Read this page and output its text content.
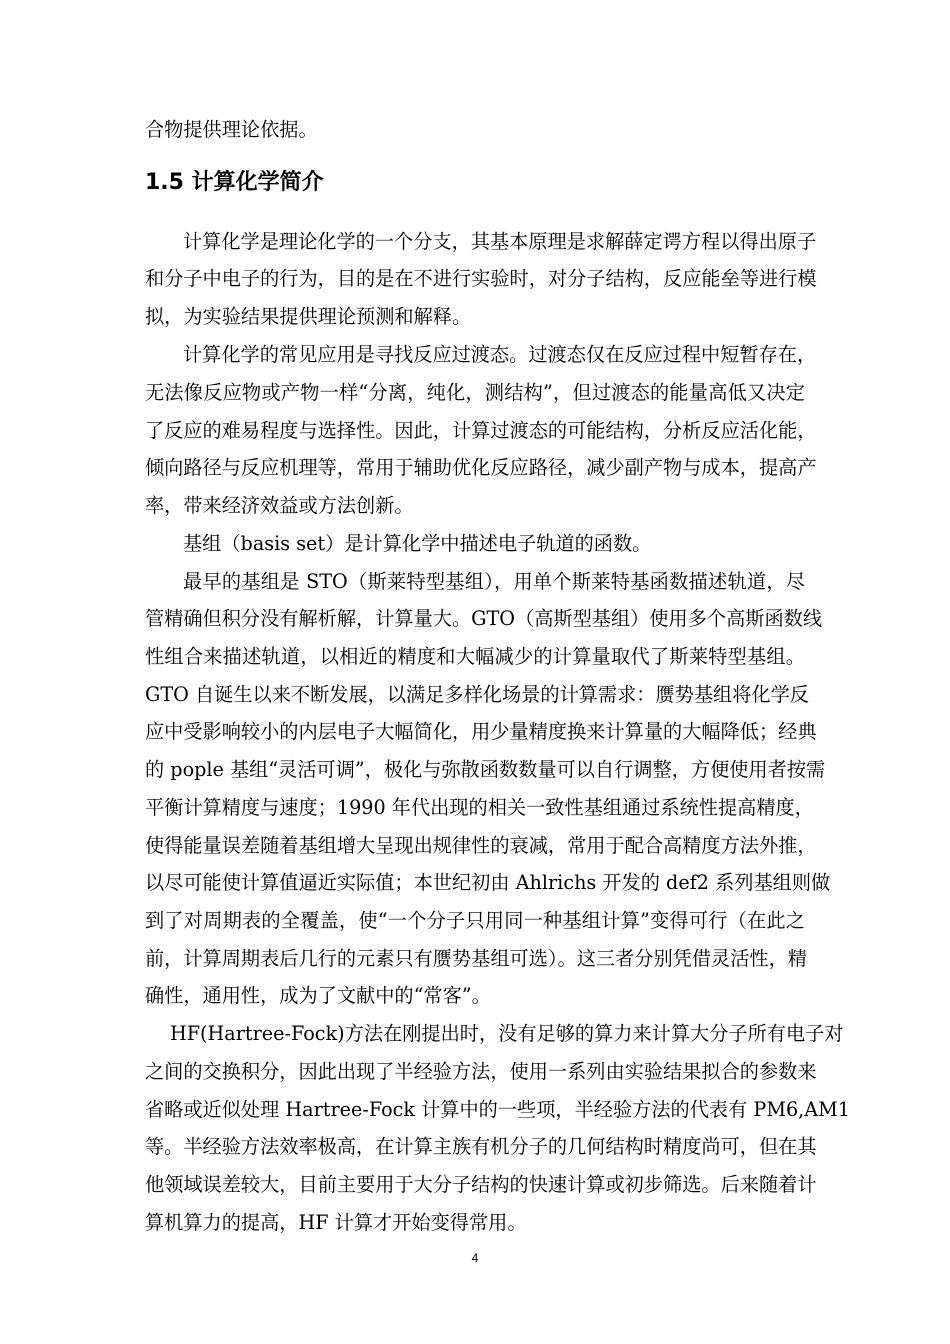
合物提供理论依据。
1.5 计算化学简介
计算化学是理论化学的一个分支，其基本原理是求解薛定谔方程以得出原子
和分子中电子的行为，目的是在不进行实验时，对分子结构，反应能垒等进行模
拟，为实验结果提供理论预测和解释。
计算化学的常见应用是寻找反应过渡态。过渡态仅在反应过程中短暂存在，
无法像反应物或产物一样“分离，纯化，测结构”，但过渡态的能量高低又决定
了反应的难易程度与选择性。因此，计算过渡态的可能结构，分析反应活化能，
倾向路径与反应机理等，常用于辅助优化反应路径，减少副产物与成本，提高产
率，带来经济效益或方法创新。
基组（basis set）是计算化学中描述电子轨道的函数。
最早的基组是 STO（斯莱特型基组），用单个斯莱特基函数描述轨道，尽
管精确但积分没有解析解，计算量大。GTO（高斯型基组）使用多个高斯函数线
性组合来描述轨道，以相近的精度和大幅减少的计算量取代了斯莱特型基组。
GTO 自诞生以来不断发展，以满足多样化场景的计算需求：赝势基组将化学反
应中受影响较小的内层电子大幅简化，用少量精度换来计算量的大幅降低；经典
的 pople 基组“灵活可调”，极化与弥散函数数量可以自行调整，方便使用者按需
平衡计算精度与速度；1990 年代出现的相关一致性基组通过系统性提高精度，
使得能量误差随着基组增大呈现出规律性的衰减，常用于配合高精度方法外推，
以尽可能使计算值逼近实际值；本世纪初由 Ahlrichs 开发的 def2 系列基组则做
到了对周期表的全覆盖，使“一个分子只用同一种基组计算”变得可行（在此之
前，计算周期表后几行的元素只有赝势基组可选）。这三者分别凭借灵活性，精
确性，通用性，成为了文献中的“常客”。
HF(Hartree-Fock)方法在刚提出时，没有足够的算力来计算大分子所有电子对
之间的交换积分，因此出现了半经验方法，使用一系列由实验结果拟合的参数来
省略或近似处理 Hartree-Fock 计算中的一些项，半经验方法的代表有 PM6,AM1
等。半经验方法效率极高，在计算主族有机分子的几何结构时精度尚可，但在其
他领域误差较大，目前主要用于大分子结构的快速计算或初步筛选。后来随着计
算机算力的提高，HF 计算才开始变得常用。
4
